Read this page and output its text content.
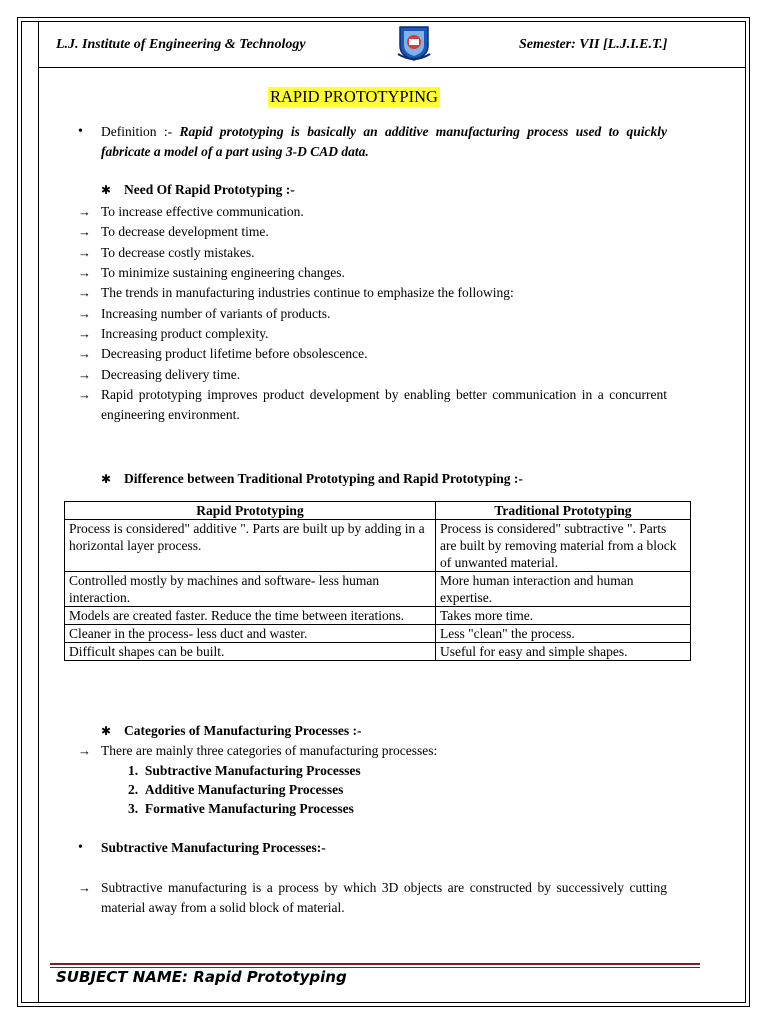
L.J. Institute of Engineering & Technology	Semester: VII [L.J.I.E.T.]
RAPID PROTOTYPING
• Definition :- Rapid prototyping is basically an additive manufacturing process used to quickly fabricate a model of a part using 3-D CAD data.
✱ Need Of Rapid Prototyping :-
→ To increase effective communication.
→ To decrease development time.
→ To decrease costly mistakes.
→ To minimize sustaining engineering changes.
→ The trends in manufacturing industries continue to emphasize the following:
→ Increasing number of variants of products.
→ Increasing product complexity.
→ Decreasing product lifetime before obsolescence.
→ Decreasing delivery time.
→ Rapid prototyping improves product development by enabling better communication in a concurrent engineering environment.
✱ Difference between Traditional Prototyping and Rapid Prototyping :-
Rapid Prototyping	Traditional Prototyping
Process is considered" additive ". Parts are built up by adding in a horizontal layer process.	Process is considered" subtractive ". Parts are built by removing material from a block of unwanted material.
Controlled mostly by machines and software- less human interaction.	More human interaction and human expertise.
Models are created faster. Reduce the time between iterations.	Takes more time.
Cleaner in the process- less duct and waster.	Less "clean" the process.
Difficult shapes can be built.	Useful for easy and simple shapes.
✱ Categories of Manufacturing Processes :-
→ There are mainly three categories of manufacturing processes:
1.  Subtractive Manufacturing Processes
2.  Additive Manufacturing Processes
3.  Formative Manufacturing Processes
• Subtractive Manufacturing Processes:-
→ Subtractive manufacturing is a process by which 3D objects are constructed by successively cutting material away from a solid block of material.
SUBJECT NAME: Rapid Prototyping
